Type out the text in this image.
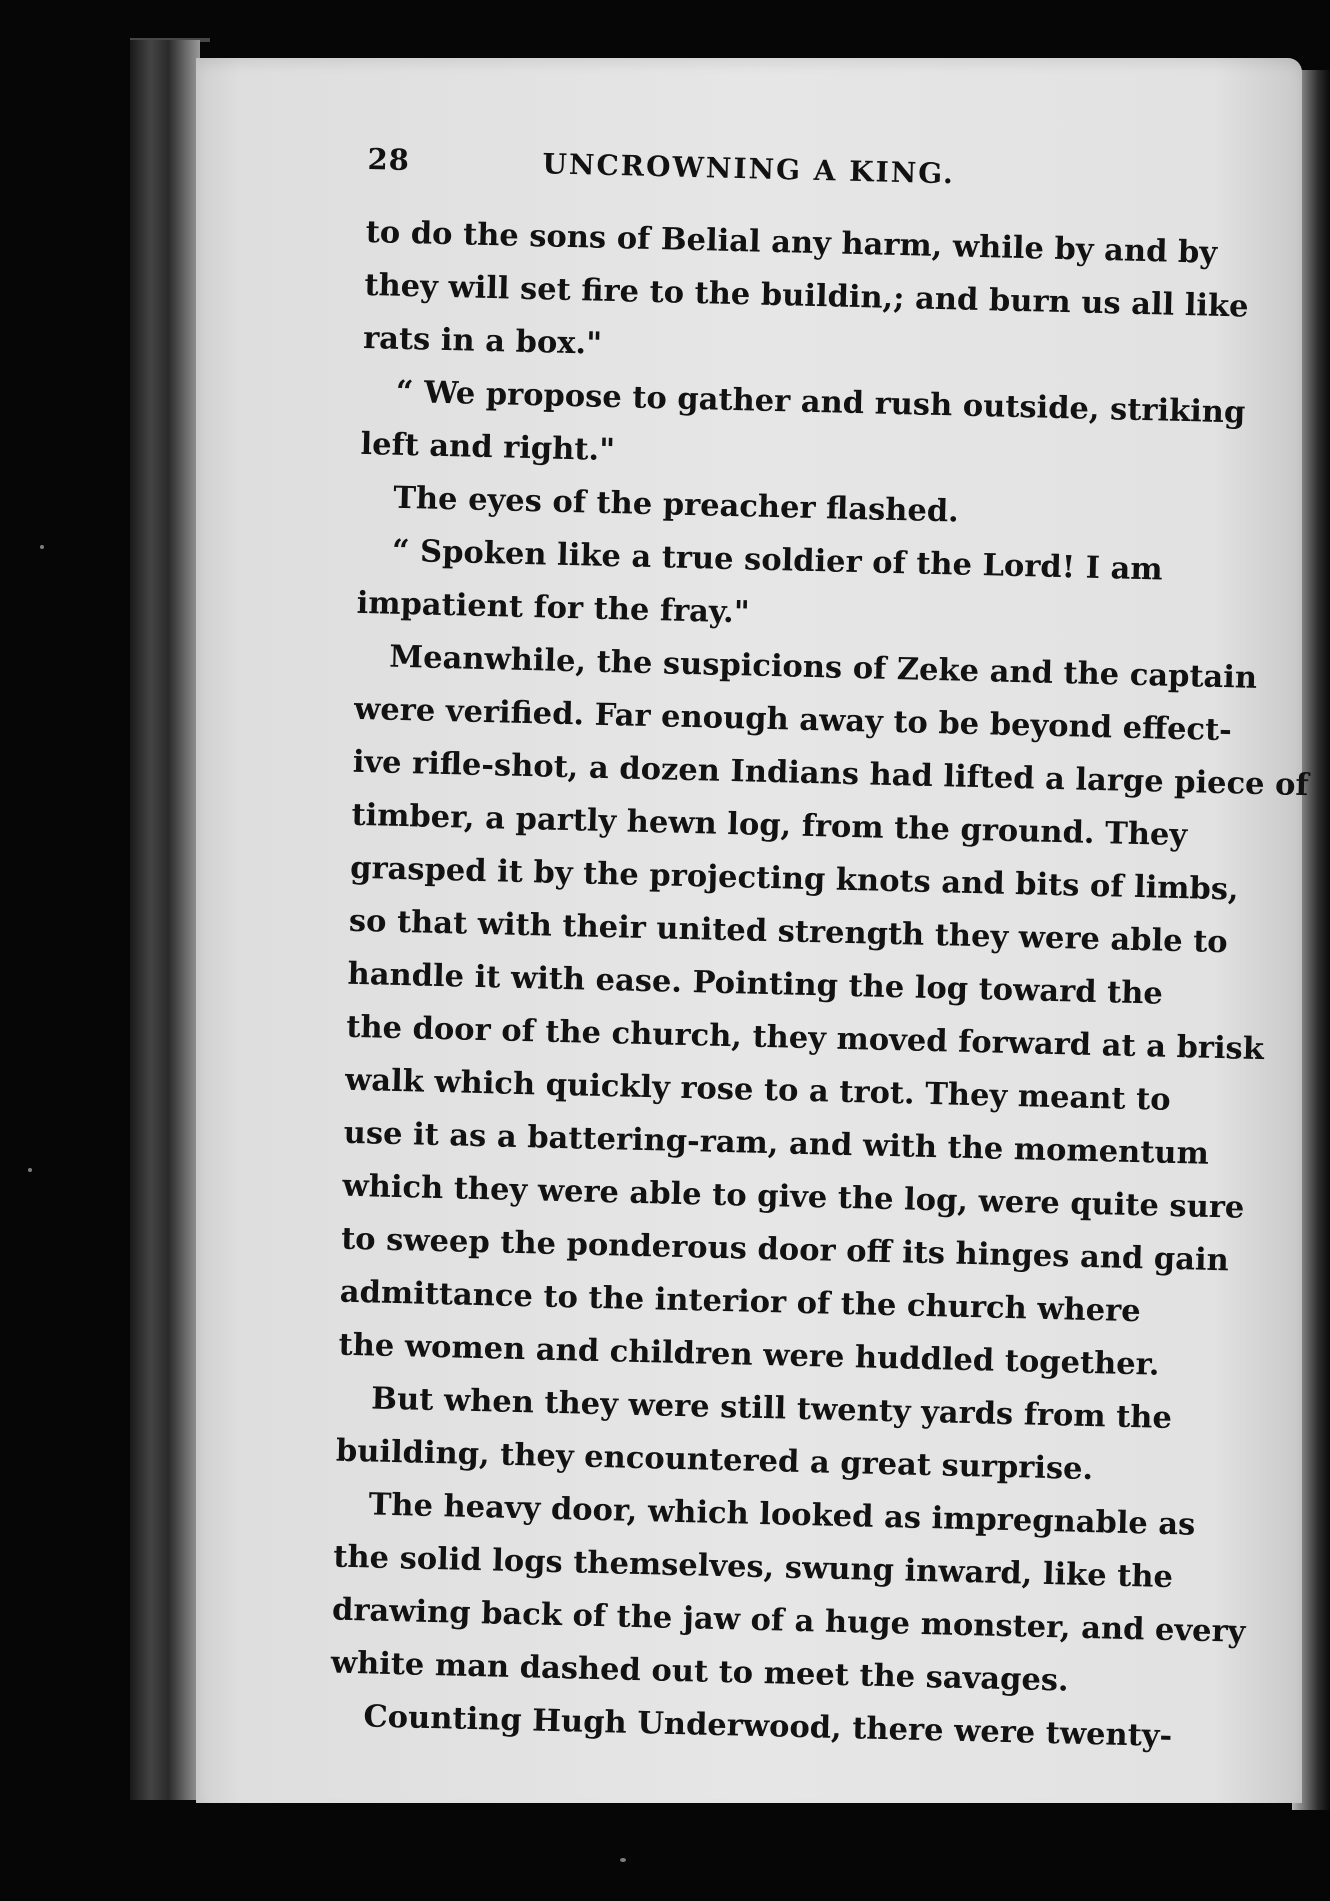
28	UNCROWNING A KING.
to do the sons of Belial any harm, while by and by
they will set fire to the buildin,; and burn us all like
rats in a box."
“ We propose to gather and rush outside, striking
left and right."
The eyes of the preacher flashed.
“ Spoken like a true soldier of the Lord! I am
impatient for the fray."
Meanwhile, the suspicions of Zeke and the captain
were verified. Far enough away to be beyond effect-
ive rifle-shot, a dozen Indians had lifted a large piece of
timber, a partly hewn log, from the ground. They
grasped it by the projecting knots and bits of limbs,
so that with their united strength they were able to
handle it with ease. Pointing the log toward the
the door of the church, they moved forward at a brisk
walk which quickly rose to a trot. They meant to
use it as a battering-ram, and with the momentum
which they were able to give the log, were quite sure
to sweep the ponderous door off its hinges and gain
admittance to the interior of the church where
the women and children were huddled together.
But when they were still twenty yards from the
building, they encountered a great surprise.
The heavy door, which looked as impregnable as
the solid logs themselves, swung inward, like the
drawing back of the jaw of a huge monster, and every
white man dashed out to meet the savages.
Counting Hugh Underwood, there were twenty-
